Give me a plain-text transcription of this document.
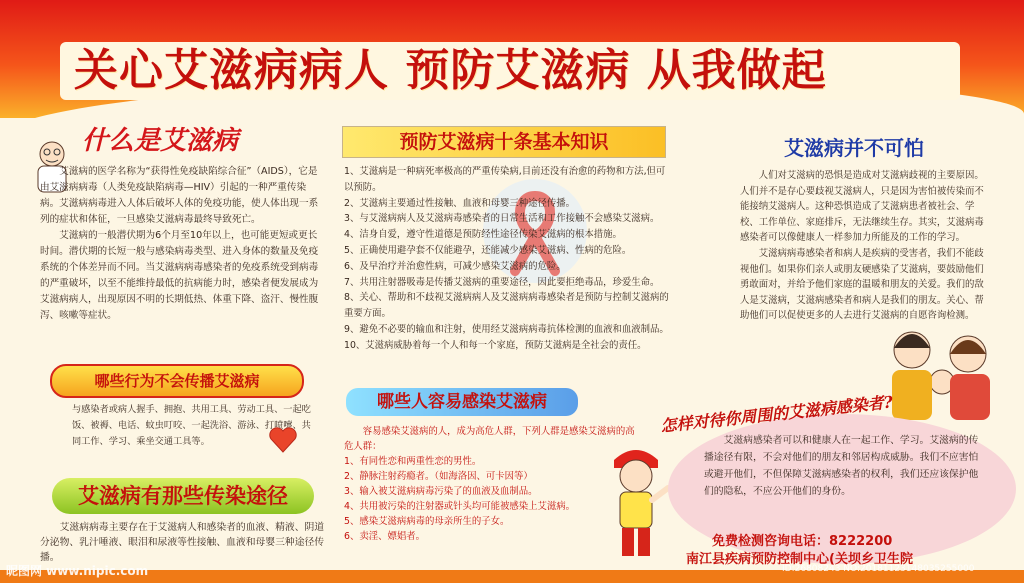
关心艾滋病病人 预防艾滋病 从我做起
什么是艾滋病

艾滋病的医学名称为“获得性免疫缺陷综合征”（AIDS），它是由艾滋病病毒（人类免疫缺陷病毒—HIV）引起的一种严重传染病。艾滋病病毒进入人体后破坏人体的免疫功能，使人体出现一系列的症状和体征，一旦感染艾滋病毒最终导致死亡。

艾滋病的一般潜伏期为6个月至10年以上，也可能更短或更长时间。潜伏期的长短一般与感染病毒类型、进入身体的数量及免疫系统的个体差异而不同。当艾滋病病毒感染者的免疫系统受到病毒的严重破坏，以至不能维持最低的抗病能力时，感染者便发展成为艾滋病病人，出现原因不明的长期低热、体重下降、盗汗、慢性腹泻、咳嗽等症状。

哪些行为不会传播艾滋病
与感染者或病人握手、拥抱、共用工具、劳动工具、一起吃饭、被褥、电话、蚊虫叮咬、一起洗浴、游泳、打喷嚏、共同工作、学习、乘坐交通工具等。
艾滋病有那些传染途径

艾滋病病毒主要存在于艾滋病人和感染者的血液、精液、阴道分泌物、乳汁唾液、眼泪和尿液等性接触、血液和母婴三种途径传播。

预防艾滋病十条基本知识

1、艾滋病是一种病死率极高的严重传染病,目前还没有治愈的药物和方法,但可以预防。

2、艾滋病主要通过性接触、血液和母婴三种途径传播。

3、与艾滋病病人及艾滋病毒感染者的日常生活和工作接触不会感染艾滋病。

4、洁身自爱，遵守性道德是预防经性途径传染艾滋病的根本措施。

5、正确使用避孕套不仅能避孕，还能减少感染艾滋病、性病的危险。

6、及早治疗并治愈性病，可减少感染艾滋病的危险。

7、共用注射器吸毒是传播艾滋病的重要途径，因此要拒绝毒品，珍爱生命。

8、关心、帮助和不歧视艾滋病病人及艾滋病病毒感染者是预防与控制艾滋病的重要方面。

9、避免不必要的输血和注射，使用经艾滋病病毒抗体检测的血液和血液制品。

10、艾滋病威胁着每一个人和每一个家庭，预防艾滋病是全社会的责任。

哪些人容易感染艾滋病

容易感染艾滋病的人，成为高危人群，下列人群是感染艾滋病的高危人群：

1、有同性恋和两重性恋的男性。

2、静脉注射药瘾者。（如海洛因、可卡因等）

3、输入被艾滋病病毒污染了的血液及血制品。

4、共用被污染的注射器或针头均可能被感染上艾滋病。

5、感染艾滋病病毒的母亲所生的子女。

6、卖淫、嫖娼者。

艾滋病并不可怕

人们对艾滋病的恐惧是造成对艾滋病歧视的主要原因。人们并不是存心要歧视艾滋病人，只是因为害怕被传染而不能接纳艾滋病人。这种恐惧造成了艾滋病患者被社会、学校、工作单位、家庭排斥，无法继续生存。其实，艾滋病毒感染者可以像健康人一样参加力所能及的工作的学习。

艾滋病病毒感染者和病人是疾病的受害者，我们不能歧视他们。如果你们亲人或朋友硬感染了艾滋病，要鼓励他们勇敢面对，并给予他们家庭的温暖和朋友的关爱。我们的敌人是艾滋病，艾滋病感染者和病人是我们的朋友。关心、帮助他们可以促使更多的人去进行艾滋病的自愿咨询检测。

怎样对待你周围的艾滋病感染者?

艾滋病感染者可以和健康人在一起工作、学习。艾滋病的传播途径有限，不会对他们的朋友和邻居构成威胁。我们不应害怕或避开他们，不但保障艾滋病感染者的权利，我们还应该保护他们的隐私，不应公开他们的身份。

免费检测咨询电话：8222200
南江县疾病预防控制中心(关坝乡卫生院
昵图网 www.nipic.com	ID:26808243 NO:20181123148035255000
